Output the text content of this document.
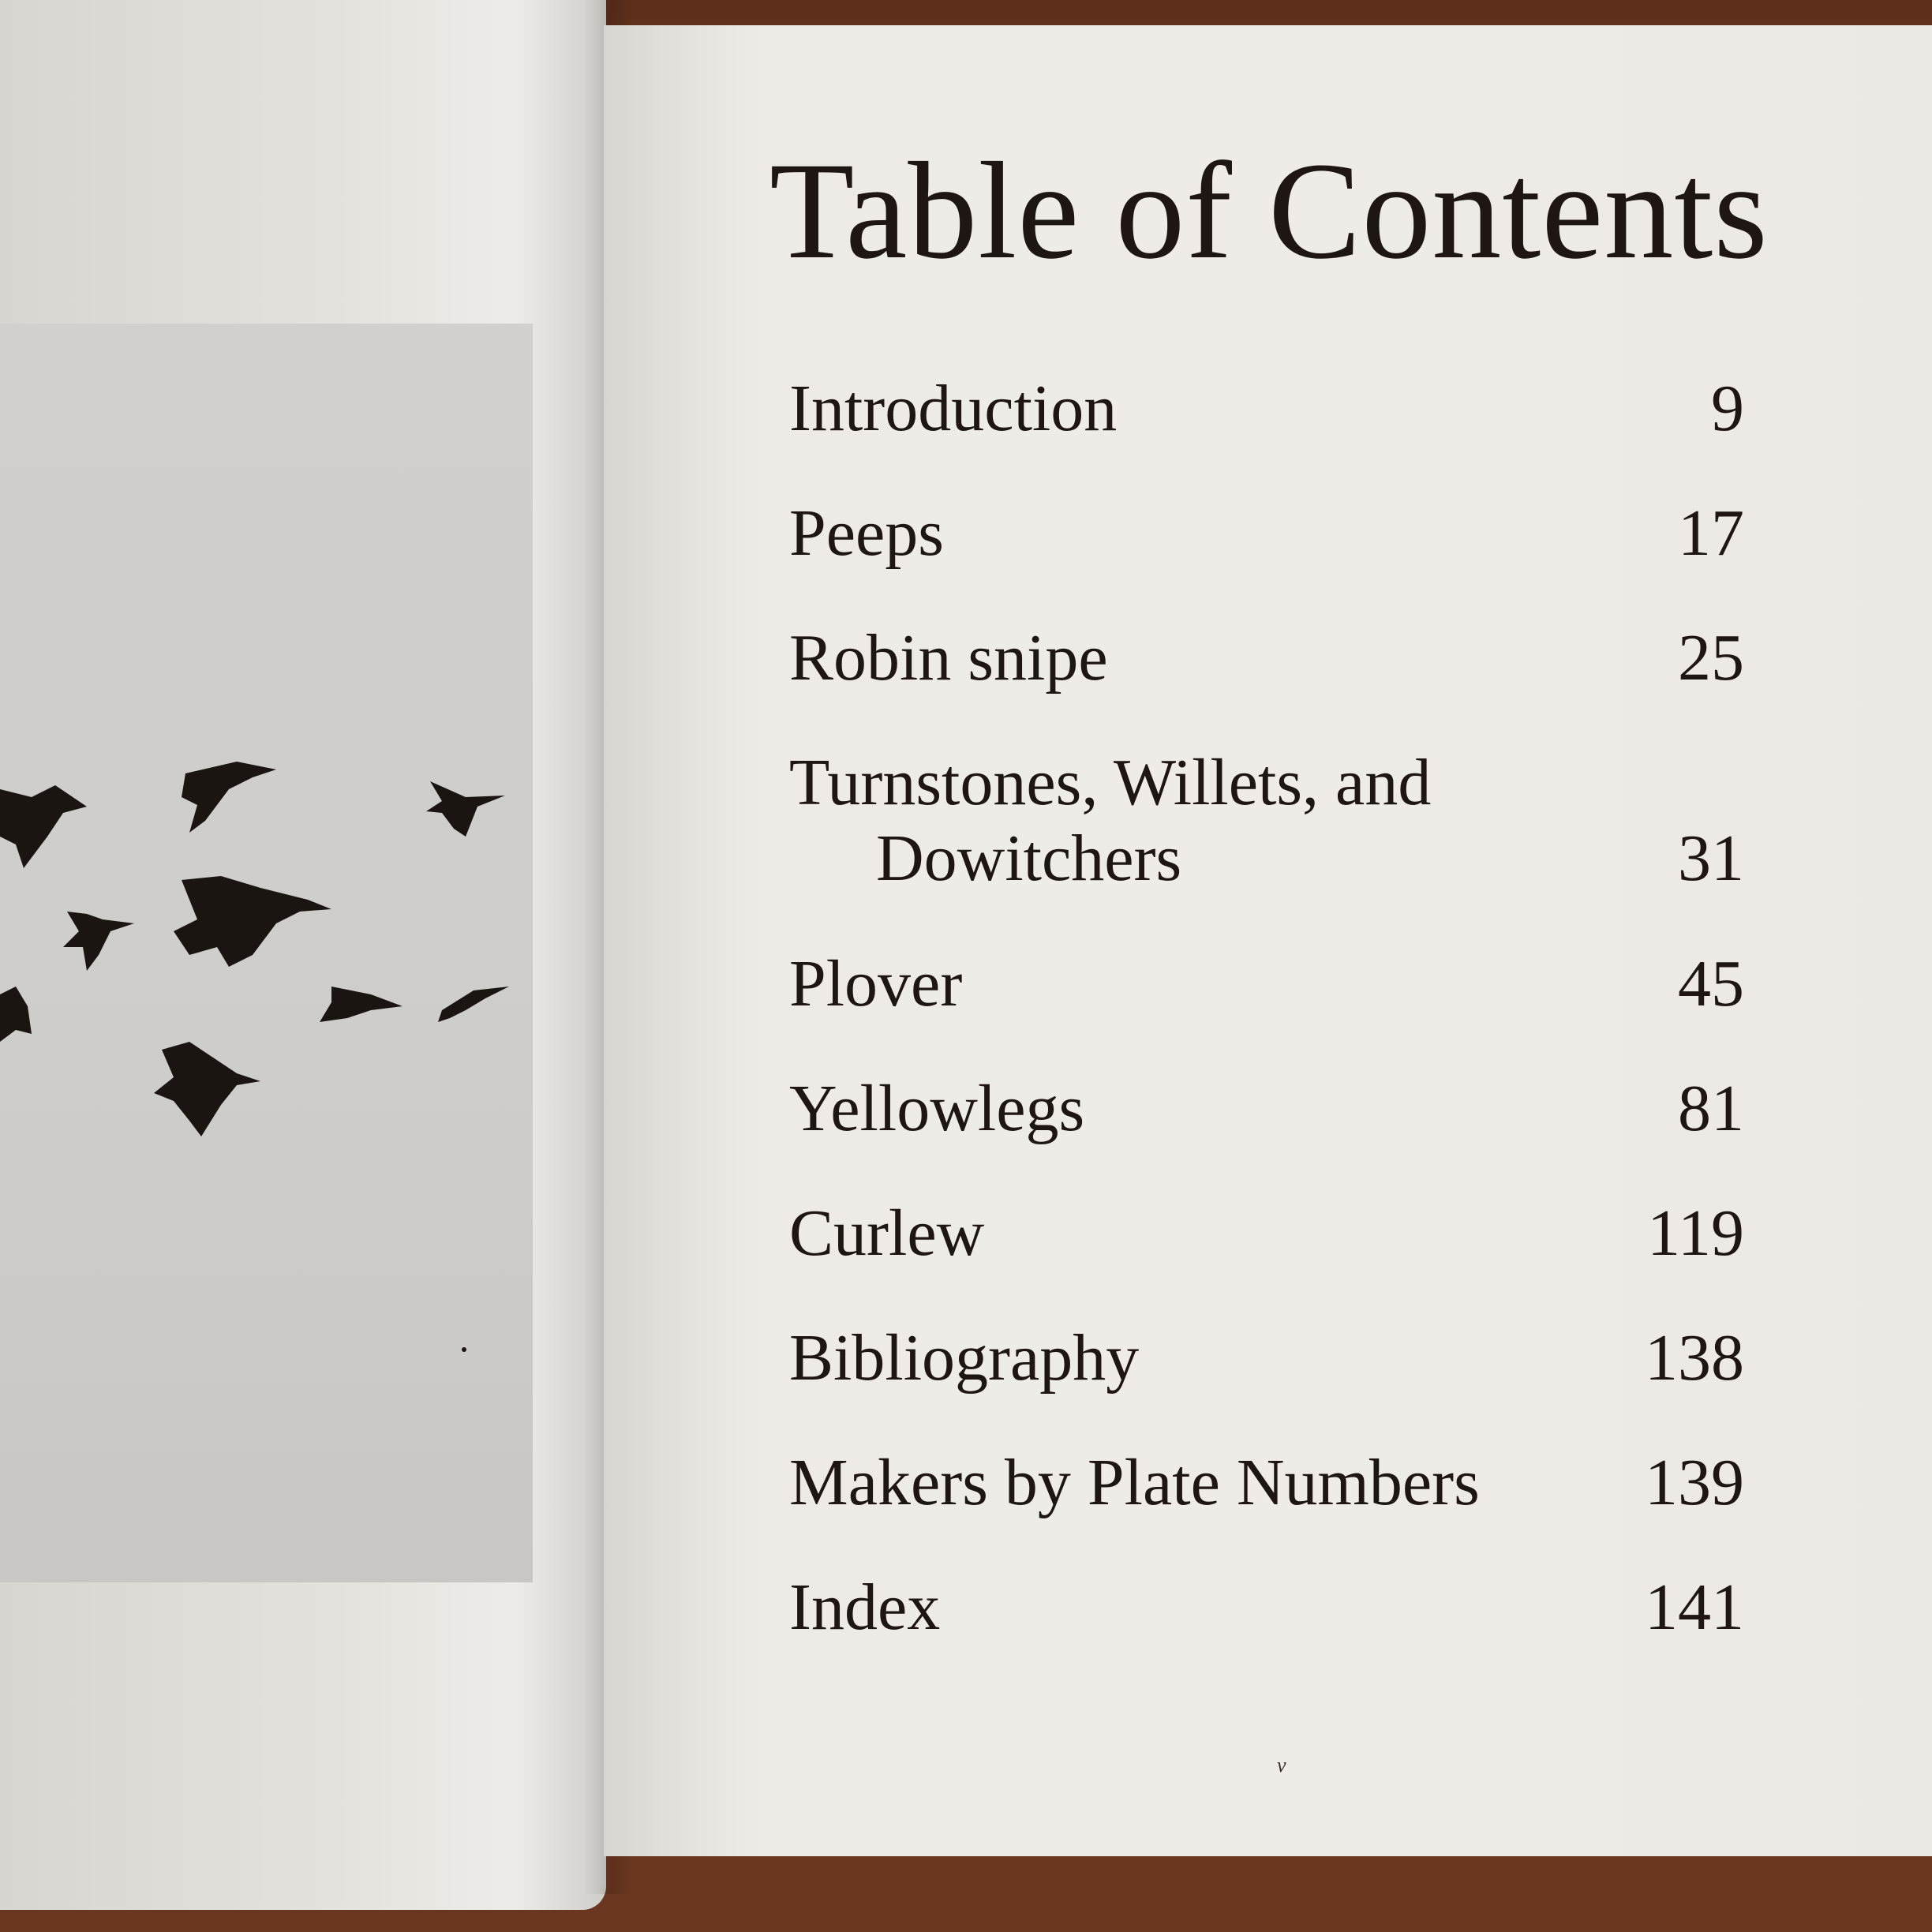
Table of Contents
Introduction	9
Peeps	17
Robin snipe	25
Turnstones, Willets, and
Dowitchers	31
Plover	45
Yellowlegs	81
Curlew	119
Bibliography	138
Makers by Plate Numbers 139
Index	141
v
